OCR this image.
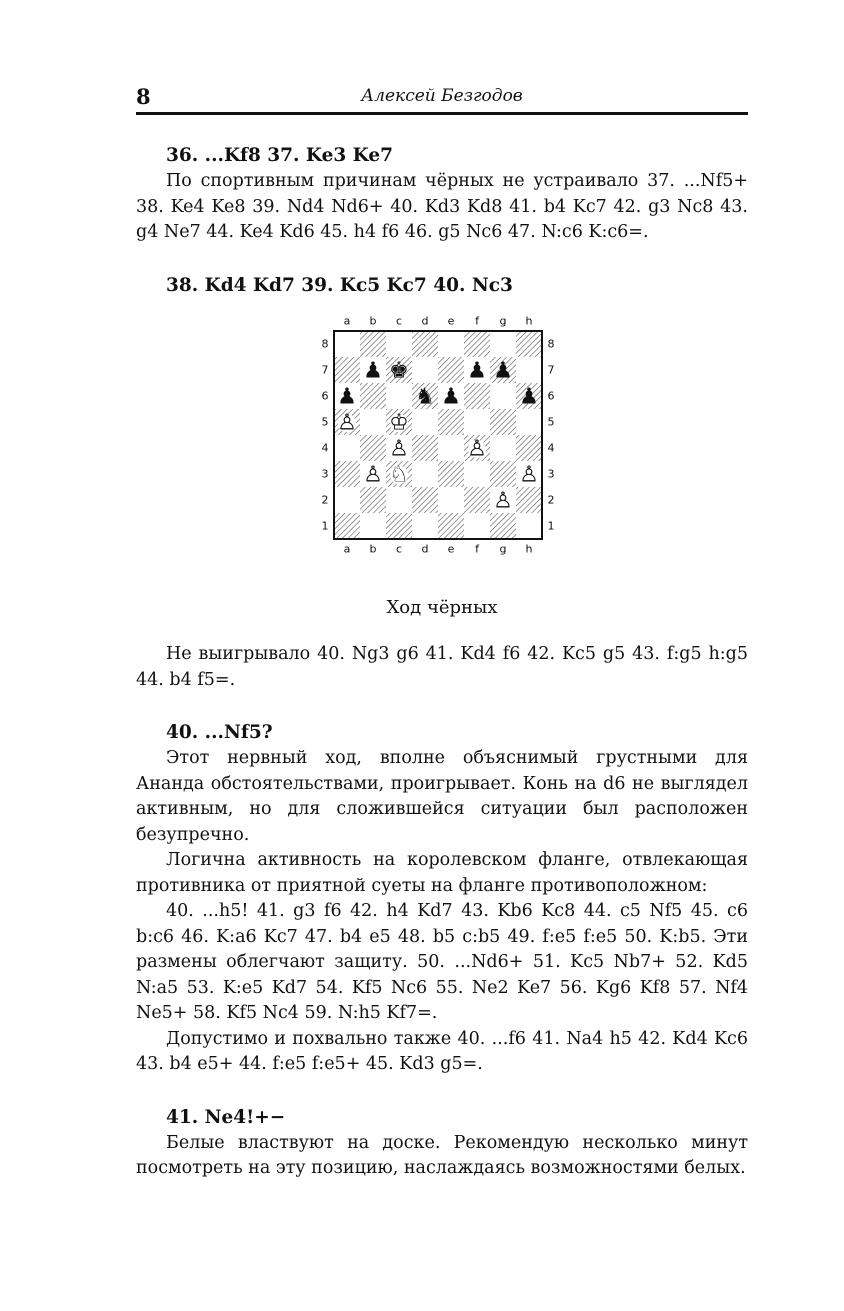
8	Алексей Безгодов

36. ...Kf8 37. Ke3 Ke7

По спортивным причинам чёрных не устраивало 37. ...Nf5+ 38. Ke4 Ke8 39. Nd4 Nd6+ 40. Kd3 Kd8 41. b4 Kc7 42. g3 Nc8 43. g4 Ne7 44. Ke4 Kd6 45. h4 f6 46. g5 Nc6 47. N:c6 K:c6=.

38. Kd4 Kd7 39. Kc5 Kc7 40. Nc3

a
a
b
b
c
c
d
d
e
e
f
f
g
g
h
h
8	8
7	7
6	6
5	5
4	4
3	3
2	2
1	1
♟ ♚	♟ ♟
♟	♞ ♟	♟
♙ ♔
♙	♙
♙ ♘	♙
♙

Ход чёрных

Не выигрывало 40. Ng3 g6 41. Kd4 f6 42. Kc5 g5 43. f:g5 h:g5 44. b4 f5=.

40. ...Nf5?

Этот нервный ход, вполне объяснимый грустными для Ананда обстоятельствами, проигрывает. Конь на d6 не выглядел активным, но для сложившейся ситуации был расположен безупречно.

Логична активность на королевском фланге, отвлекающая противника от приятной суеты на фланге противоположном:

40. ...h5! 41. g3 f6 42. h4 Kd7 43. Kb6 Kc8 44. c5 Nf5 45. c6 b:c6 46. K:a6 Kc7 47. b4 e5 48. b5 c:b5 49. f:e5 f:e5 50. K:b5. Эти размены облегчают защиту. 50. ...Nd6+ 51. Kc5 Nb7+ 52. Kd5 N:a5 53. K:e5 Kd7 54. Kf5 Nc6 55. Ne2 Ke7 56. Kg6 Kf8 57. Nf4 Ne5+ 58. Kf5 Nc4 59. N:h5 Kf7=.

Допустимо и похвально также 40. ...f6 41. Na4 h5 42. Kd4 Kc6 43. b4 e5+ 44. f:e5 f:e5+ 45. Kd3 g5=.

41. Ne4!+−

Белые властвуют на доске. Рекомендую несколько минут посмотреть на эту позицию, наслаждаясь возможностями белых.
